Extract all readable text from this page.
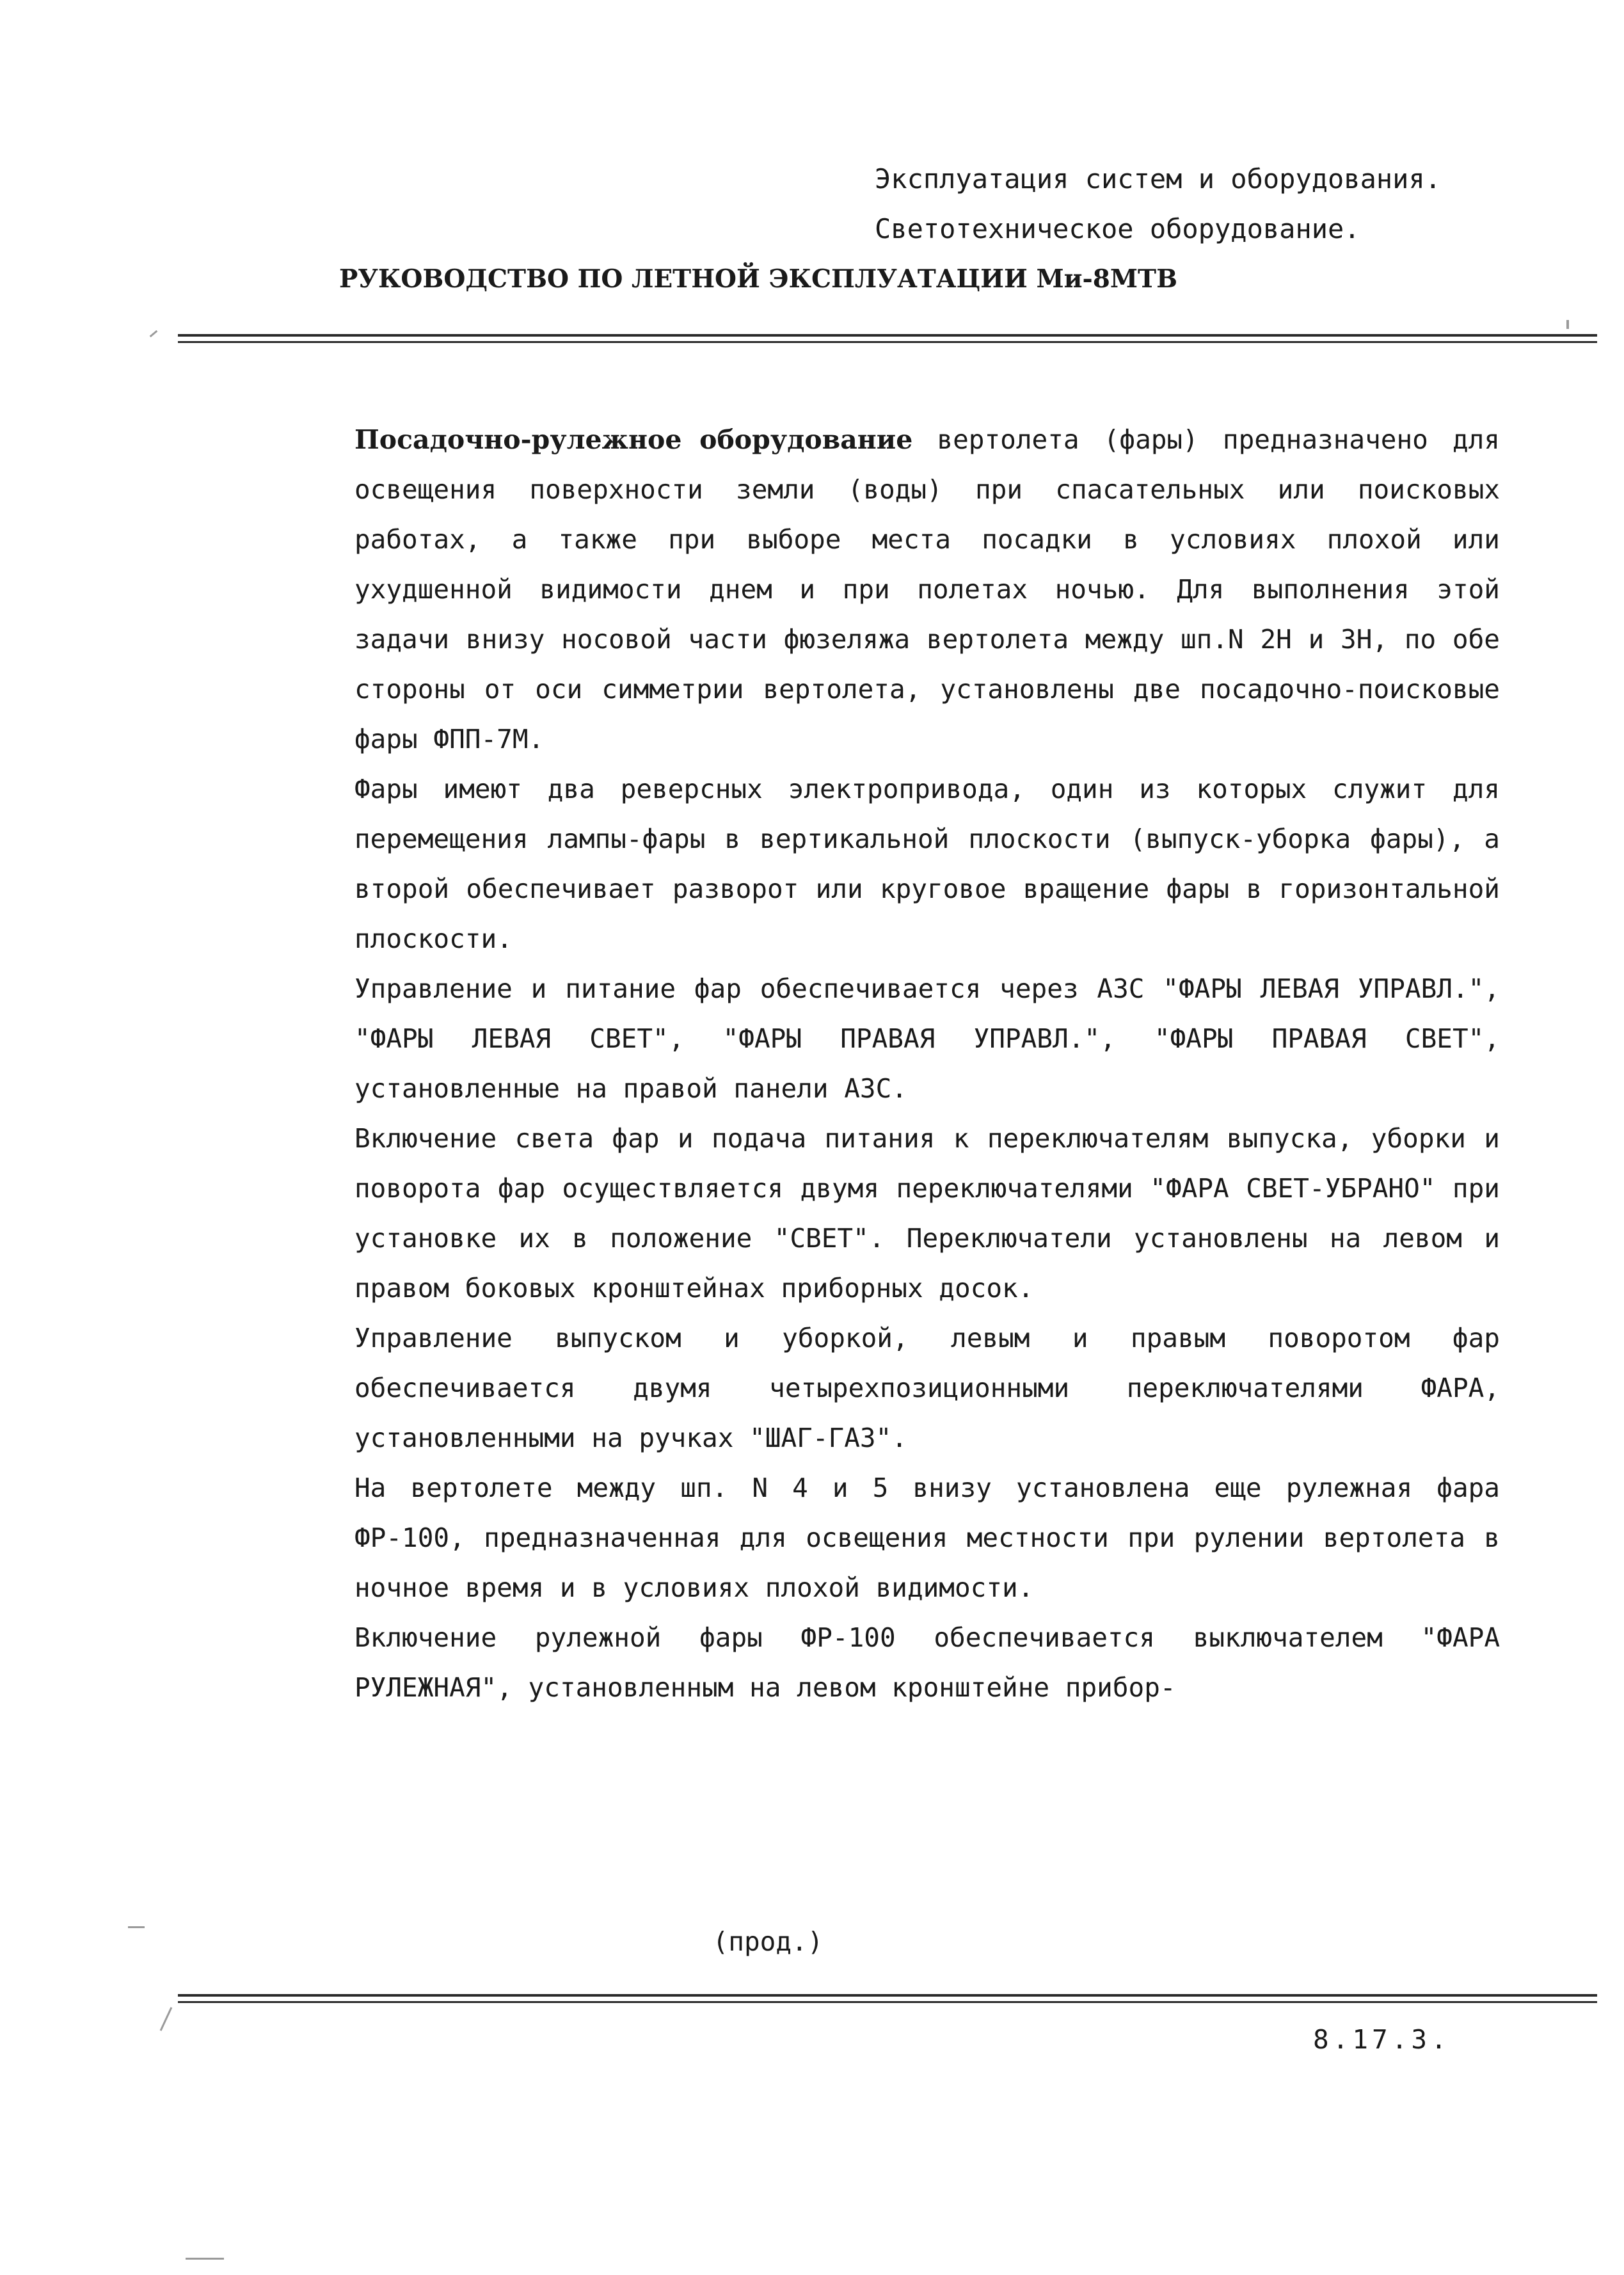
Эксплуатация систем и оборудования.
Светотехническое оборудование.
РУКОВОДСТВО ПО ЛЕТНОЙ ЭКСПЛУАТАЦИИ Ми-8МТВ

Посадочно-рулежное оборудование вертолета (фары) предназначено для освещения поверхности земли (воды) при спасательных или поисковых работах, а также при выборе места посадки в условиях плохой или ухудшенной видимости днем и при полетах ночью. Для выполнения этой задачи внизу носовой части фюзеляжа вертолета между шп.N 2Н и 3Н, по обе стороны от оси симметрии вертолета, установлены две посадочно-поисковые фары ФПП-7М.

Фары имеют два реверсных электропривода, один из которых служит для перемещения лампы-фары в вертикальной плоскости (выпуск-уборка фары), а второй обеспечивает разворот или круговое вращение фары в горизонтальной плоскости.

Управление и питание фар обеспечивается через АЗС "ФАРЫ ЛЕВАЯ УПРАВЛ.", "ФАРЫ ЛЕВАЯ СВЕТ", "ФАРЫ ПРАВАЯ УПРАВЛ.", "ФАРЫ ПРАВАЯ СВЕТ", установленные на правой панели АЗС.

Включение света фар и подача питания к переключателям выпуска, уборки и поворота фар осуществляется двумя переключателями "ФАРА СВЕТ-УБРАНО" при установке их в положение "СВЕТ". Переключатели установлены на левом и правом боковых кронштейнах приборных досок.

Управление выпуском и уборкой, левым и правым поворотом фар обеспечивается двумя четырехпозиционными переключателями ФАРА, установленными на ручках "ШАГ-ГАЗ".

На вертолете между шп. N 4 и 5 внизу установлена еще рулежная фара ФР-100, предназначенная для освещения местности при рулении вертолета в ночное время и в условиях плохой видимости.

Включение рулежной фары ФР-100 обеспечивается выключателем "ФАРА РУЛЕЖНАЯ", установленным на левом кронштейне прибор-

(прод.)
8.17.3.
